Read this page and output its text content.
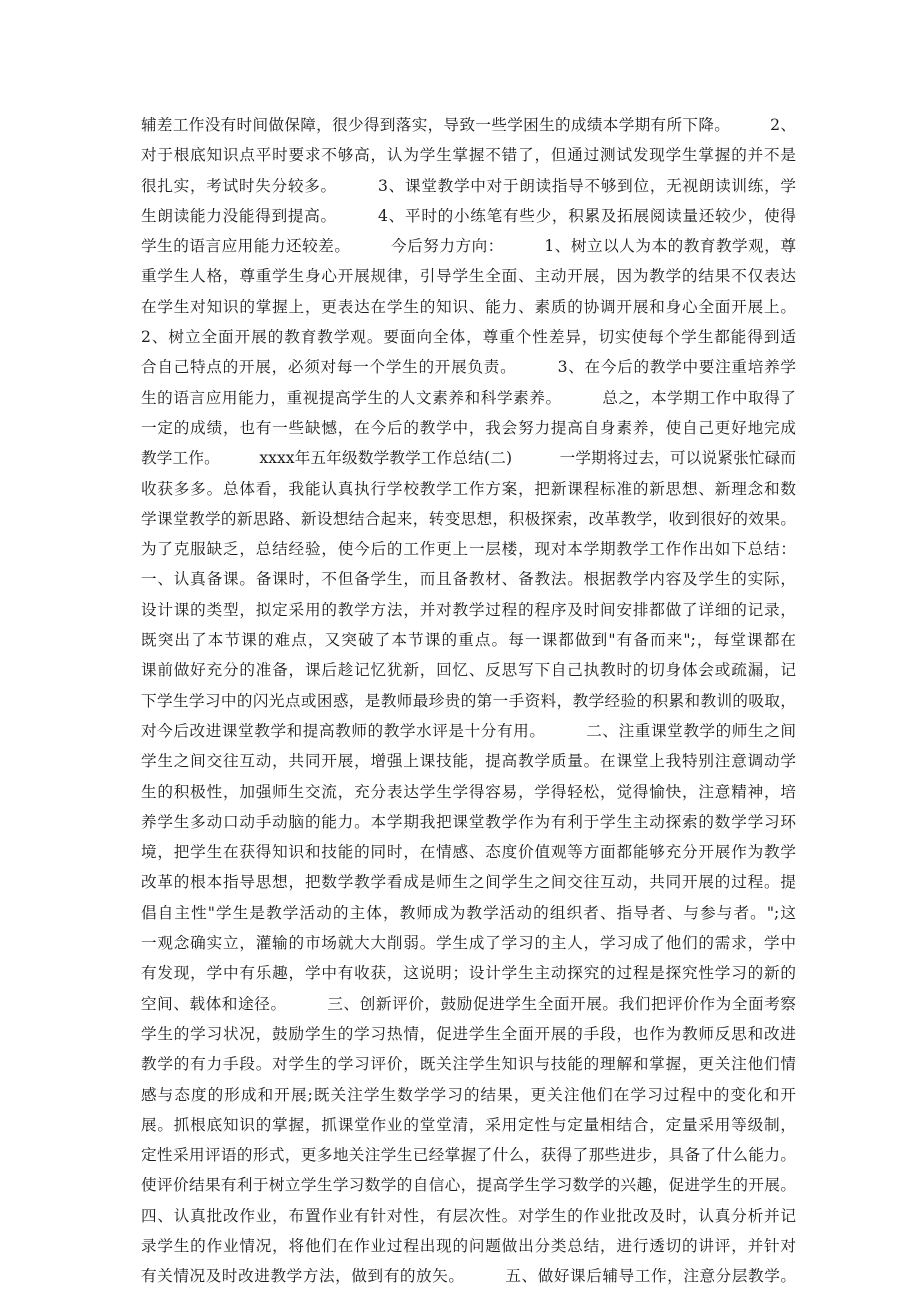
辅差工作没有时间做保障，很少得到落实，导致一些学困生的成绩本学期有所下降。　　　2、
对于根底知识点平时要求不够高，认为学生掌握不错了，但通过测试发现学生掌握的并不是
很扎实，考试时失分较多。　　　3、课堂教学中对于朗读指导不够到位，无视朗读训练，学
生朗读能力没能得到提高。　　　4、平时的小练笔有些少，积累及拓展阅读量还较少，使得
学生的语言应用能力还较差。　　　今后努力方向：　　　1、树立以人为本的教育教学观，尊
重学生人格，尊重学生身心开展规律，引导学生全面、主动开展，因为教学的结果不仅表达
在学生对知识的掌握上，更表达在学生的知识、能力、素质的协调开展和身心全面开展上。
2、树立全面开展的教育教学观。要面向全体，尊重个性差异，切实使每个学生都能得到适
合自己特点的开展，必须对每一个学生的开展负责。　　　3、在今后的教学中要注重培养学
生的语言应用能力，重视提高学生的人文素养和科学素养。　　　总之，本学期工作中取得了
一定的成绩，也有一些缺憾，在今后的教学中，我会努力提高自身素养，使自己更好地完成
教学工作。　　　xxxx年五年级数学教学工作总结(二)　　　一学期将过去，可以说紧张忙碌而
收获多多。总体看，我能认真执行学校教学工作方案，把新课程标准的新思想、新理念和数
学课堂教学的新思路、新设想结合起来，转变思想，积极探索，改革教学，收到很好的效果。
为了克服缺乏，总结经验，使今后的工作更上一层楼，现对本学期教学工作作出如下总结：
一、认真备课。备课时，不但备学生，而且备教材、备教法。根据教学内容及学生的实际，
设计课的类型，拟定采用的教学方法，并对教学过程的程序及时间安排都做了详细的记录，
既突出了本节课的难点，又突破了本节课的重点。每一课都做到"有备而来";，每堂课都在
课前做好充分的准备，课后趁记忆犹新，回忆、反思写下自己执教时的切身体会或疏漏，记
下学生学习中的闪光点或困惑，是教师最珍贵的第一手资料，教学经验的积累和教训的吸取，
对今后改进课堂教学和提高教师的教学水评是十分有用。　　　二、注重课堂教学的师生之间
学生之间交往互动，共同开展，增强上课技能，提高教学质量。在课堂上我特别注意调动学
生的积极性，加强师生交流，充分表达学生学得容易，学得轻松，觉得愉快，注意精神，培
养学生多动口动手动脑的能力。本学期我把课堂教学作为有利于学生主动探索的数学学习环
境，把学生在获得知识和技能的同时，在情感、态度价值观等方面都能够充分开展作为教学
改革的根本指导思想，把数学教学看成是师生之间学生之间交往互动，共同开展的过程。提
倡自主性"学生是教学活动的主体，教师成为教学活动的组织者、指导者、与参与者。";这
一观念确实立，灌输的市场就大大削弱。学生成了学习的主人，学习成了他们的需求，学中
有发现，学中有乐趣，学中有收获，这说明；设计学生主动探究的过程是探究性学习的新的
空间、载体和途径。　　　三、创新评价，鼓励促进学生全面开展。我们把评价作为全面考察
学生的学习状况，鼓励学生的学习热情，促进学生全面开展的手段，也作为教师反思和改进
教学的有力手段。对学生的学习评价，既关注学生知识与技能的理解和掌握，更关注他们情
感与态度的形成和开展;既关注学生数学学习的结果，更关注他们在学习过程中的变化和开
展。抓根底知识的掌握，抓课堂作业的堂堂清，采用定性与定量相结合，定量采用等级制，
定性采用评语的形式，更多地关注学生已经掌握了什么，获得了那些进步，具备了什么能力。
使评价结果有利于树立学生学习数学的自信心，提高学生学习数学的兴趣，促进学生的开展。
四、认真批改作业，布置作业有针对性，有层次性。对学生的作业批改及时，认真分析并记
录学生的作业情况，将他们在作业过程出现的问题做出分类总结，进行透切的讲评，并针对
有关情况及时改进教学方法，做到有的放矢。　　　五、做好课后辅导工作，注意分层教学。
